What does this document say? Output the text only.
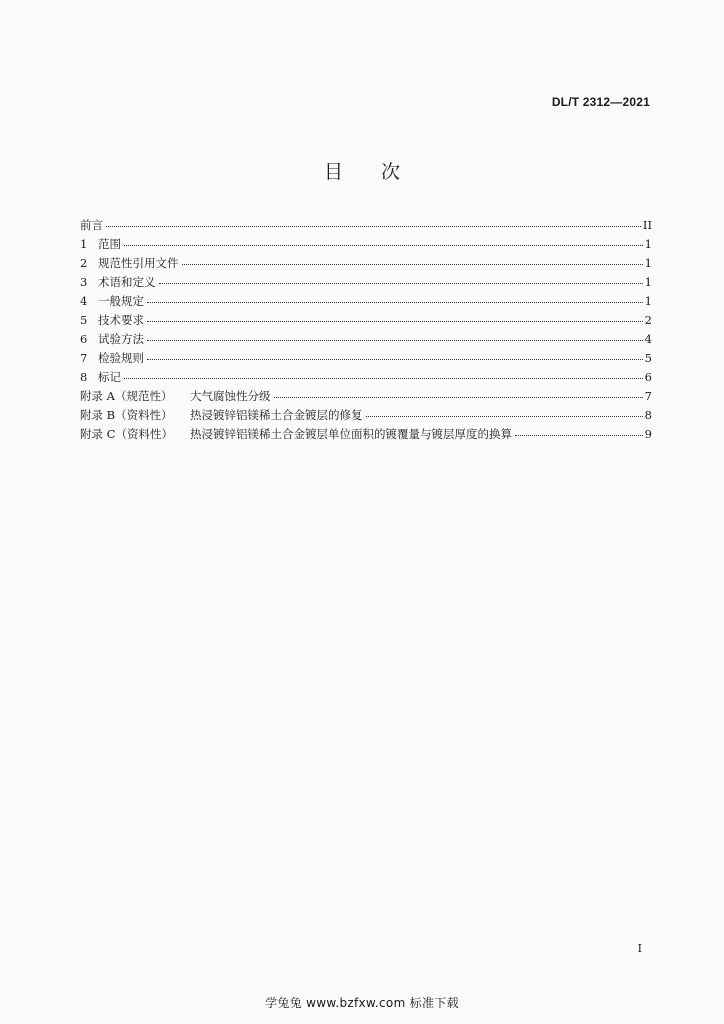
DL/T 2312—2021
目次
前言	II
1 范围	1
2 规范性引用文件	1
3 术语和定义	1
4 一般规定	1
5 技术要求	2
6 试验方法	4
7 检验规则	5
8 标记	6
附录 A（规范性）	大气腐蚀性分级	7
附录 B（资料性）	热浸镀锌铝镁稀土合金镀层的修复	8
附录 C（资料性）	热浸镀锌铝镁稀土合金镀层单位面积的镀覆量与镀层厚度的换算	9
I
学兔兔 www.bzfxw.com 标准下载
